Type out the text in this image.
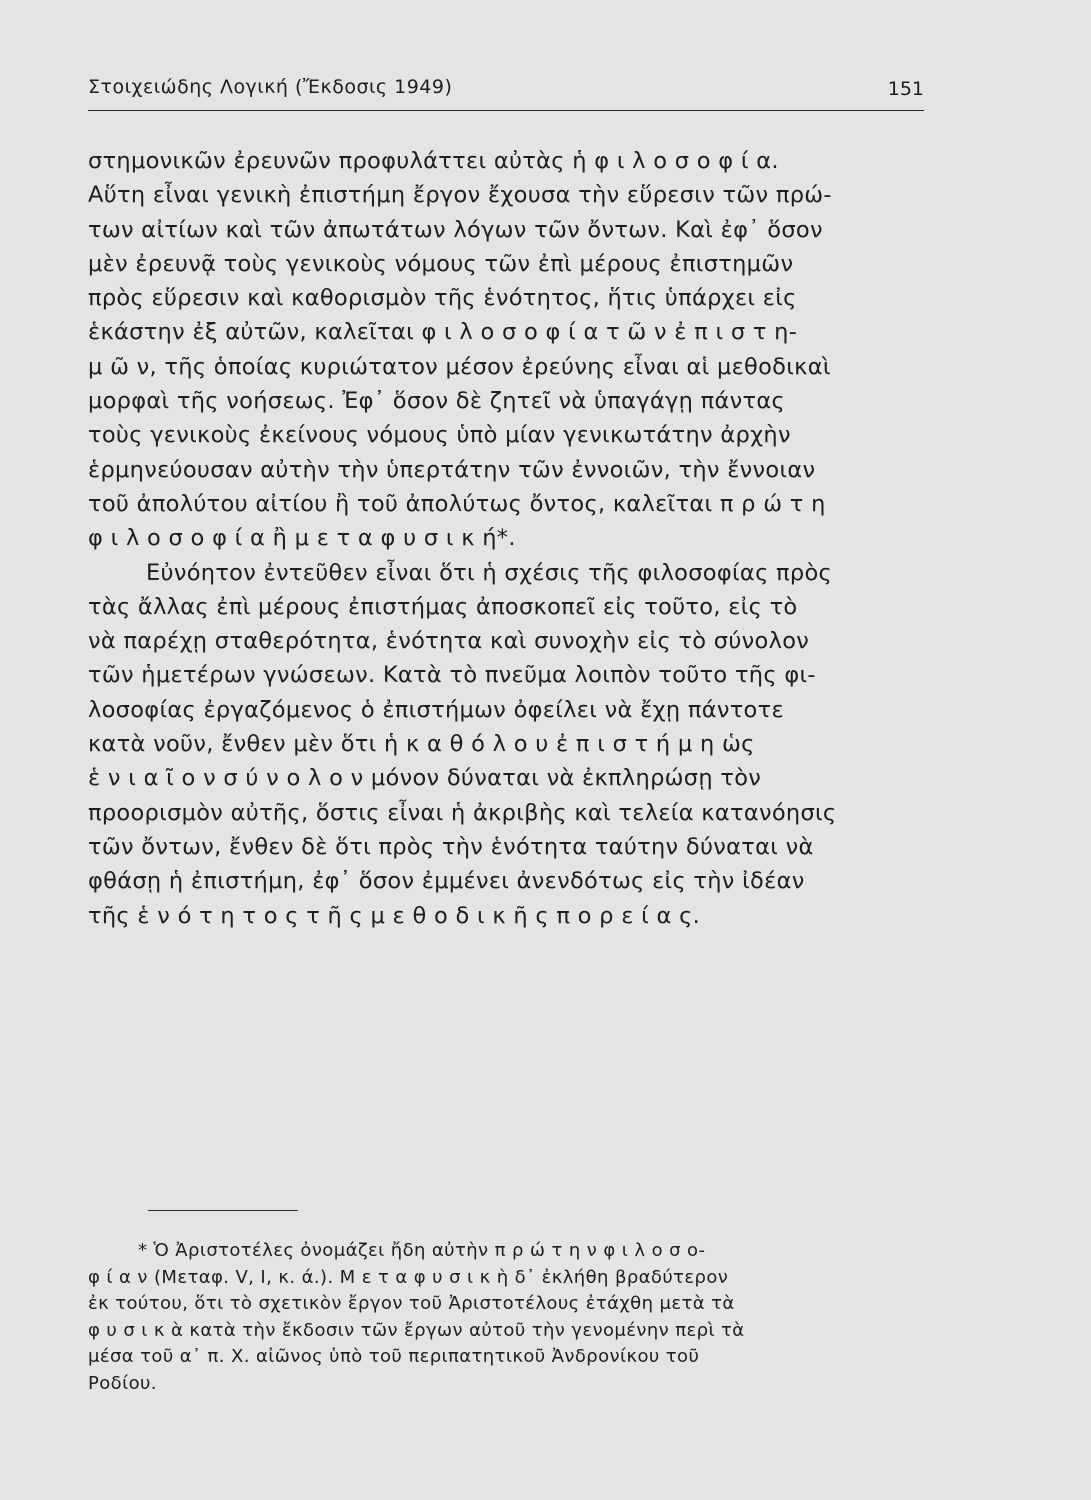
Στοιχειώδης Λογική (Ἔκδοσις 1949)	151
στημονικῶν ἐρευνῶν προφυλάττει αὐτὰς ἡ φ ι λ ο σ ο φ ί α.
Αὕτη εἶναι γενικὴ ἐπιστήμη ἔργον ἔχουσα τὴν εὕρεσιν τῶν πρώ-
των αἰτίων καὶ τῶν ἀπωτάτων λόγων τῶν ὄντων. Καὶ ἐφ᾽ ὅσον
μὲν ἐρευνᾷ τοὺς γενικοὺς νόμους τῶν ἐπὶ μέρους ἐπιστημῶν
πρὸς εὕρεσιν καὶ καθορισμὸν τῆς ἑνότητος, ἥτις ὑπάρχει εἰς
ἑκάστην ἐξ αὐτῶν, καλεῖται φ ι λ ο σ ο φ ί α τ ῶ ν ἐ π ι σ τ η-
μ ῶ ν, τῆς ὁποίας κυριώτατον μέσον ἐρεύνης εἶναι αἱ μεθοδικαὶ
μορφαὶ τῆς νοήσεως. Ἐφ᾽ ὅσον δὲ ζητεῖ νὰ ὑπαγάγῃ πάντας
τοὺς γενικοὺς ἐκείνους νόμους ὑπὸ μίαν γενικωτάτην ἀρχὴν
ἑρμηνεύουσαν αὐτὴν τὴν ὑπερτάτην τῶν ἐννοιῶν, τὴν ἔννοιαν
τοῦ ἀπολύτου αἰτίου ἢ τοῦ ἀπολύτως ὄντος, καλεῖται π ρ ώ τ η
φ ι λ ο σ ο φ ί α ἢ μ ε τ α φ υ σ ι κ ή*.
Εὐνόητον ἐντεῦθεν εἶναι ὅτι ἡ σχέσις τῆς φιλοσοφίας πρὸς
τὰς ἄλλας ἐπὶ μέρους ἐπιστήμας ἀποσκοπεῖ εἰς τοῦτο, εἰς τὸ
νὰ παρέχῃ σταθερότητα, ἑνότητα καὶ συνοχὴν εἰς τὸ σύνολον
τῶν ἡμετέρων γνώσεων. Κατὰ τὸ πνεῦμα λοιπὸν τοῦτο τῆς φι-
λοσοφίας ἐργαζόμενος ὁ ἐπιστήμων ὀφείλει νὰ ἔχῃ πάντοτε
κατὰ νοῦν, ἔνθεν μὲν ὅτι ἡ κ α θ ό λ ο υ ἐ π ι σ τ ή μ η ὡς
ἑ ν ι α ῖ ο ν σ ύ ν ο λ ο ν μόνον δύναται νὰ ἐκπληρώσῃ τὸν
προορισμὸν αὐτῆς, ὅστις εἶναι ἡ ἀκριβὴς καὶ τελεία κατανόησις
τῶν ὄντων, ἔνθεν δὲ ὅτι πρὸς τὴν ἑνότητα ταύτην δύναται νὰ
φθάσῃ ἡ ἐπιστήμη, ἐφ᾽ ὅσον ἐμμένει ἀνενδότως εἰς τὴν ἰδέαν
τῆς ἑ ν ό τ η τ ο ς τ ῆ ς μ ε θ ο δ ι κ ῆ ς π ο ρ ε ί α ς.
* Ὁ Ἀριστοτέλες ὀνομάζει ἤδη αὐτὴν π ρ ώ τ η ν φ ι λ ο σ ο-
φ ί α ν (Μεταφ. V, I, κ. ά.). Μ ε τ α φ υ σ ι κ ὴ δ᾽ ἐκλήθη βραδύτερον
ἐκ τούτου, ὅτι τὸ σχετικὸν ἔργον τοῦ Ἀριστοτέλους ἐτάχθη μετὰ τὰ
φ υ σ ι κ ὰ κατὰ τὴν ἔκδοσιν τῶν ἔργων αὐτοῦ τὴν γενομένην περὶ τὰ
μέσα τοῦ α᾽ π. Χ. αἰῶνος ὑπὸ τοῦ περιπατητικοῦ Ἀνδρονίκου τοῦ
Ροδίου.
